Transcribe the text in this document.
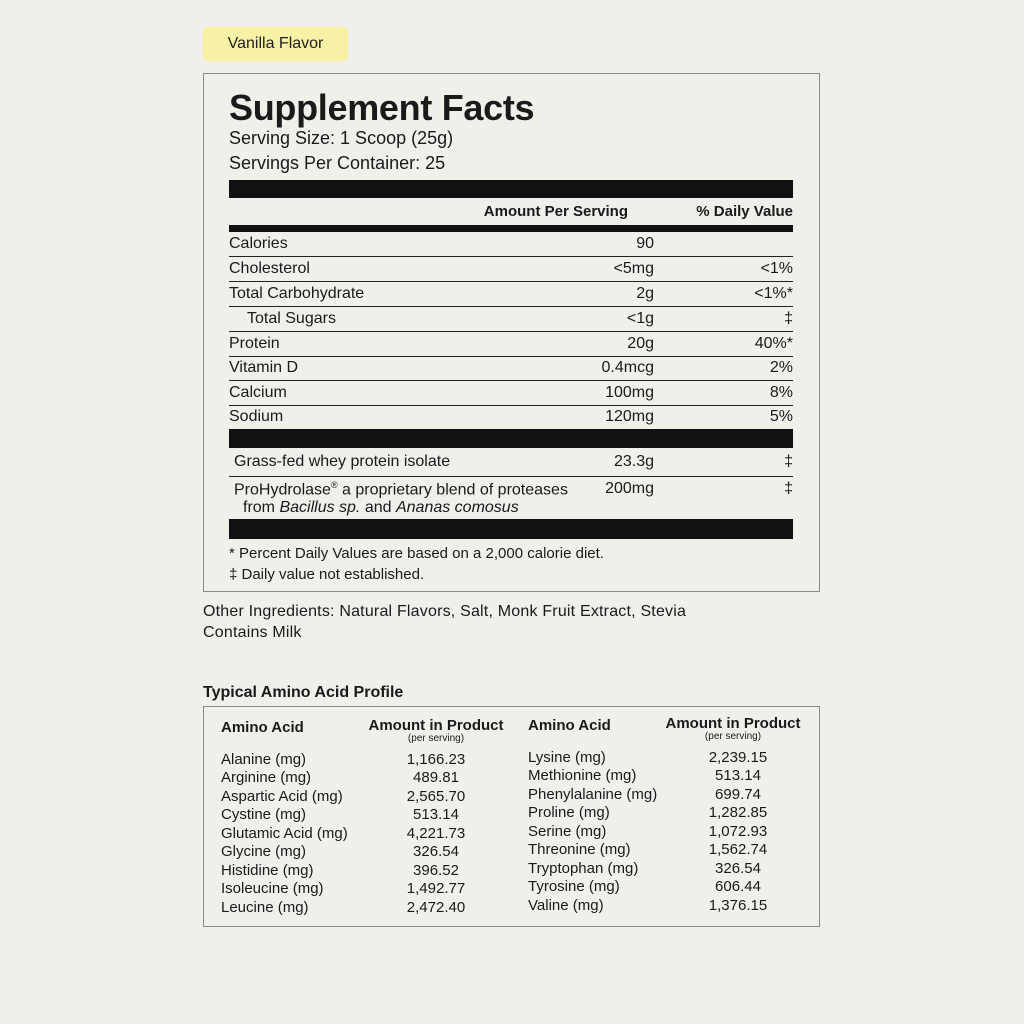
Vanilla Flavor
Supplement Facts
Serving Size: 1 Scoop (25g)
Servings Per Container: 25
Amount Per Serving	% Daily Value
Calories	90
Cholesterol	<5mg	<1%
Total Carbohydrate	2g	<1%*
Total Sugars	<1g	‡
Protein	20g	40%*
Vitamin D	0.4mcg	2%
Calcium	100mg	8%
Sodium	120mg	5%
Grass-fed whey protein isolate	23.3g	‡
ProHydrolase® a proprietary blend of proteases
from Bacillus sp. and Ananas comosus
200mg	‡
* Percent Daily Values are based on a 2,000 calorie diet.
‡ Daily value not established.
Other Ingredients: Natural Flavors, Salt, Monk Fruit Extract, Stevia
Contains Milk
Typical Amino Acid Profile
Amino Acid	Amount in Product
(per serving)
Alanine (mg)	1,166.23
Arginine (mg)	489.81
Aspartic Acid (mg)	2,565.70
Cystine (mg)	513.14
Glutamic Acid (mg)	4,221.73
Glycine (mg)	326.54
Histidine (mg)	396.52
Isoleucine (mg)	1,492.77
Leucine (mg)	2,472.40
Amino Acid	Amount in Product
(per serving)
Lysine (mg)	2,239.15
Methionine (mg)	513.14
Phenylalanine (mg)	699.74
Proline (mg)	1,282.85
Serine (mg)	1,072.93
Threonine (mg)	1,562.74
Tryptophan (mg)	326.54
Tyrosine (mg)	606.44
Valine (mg)	1,376.15
